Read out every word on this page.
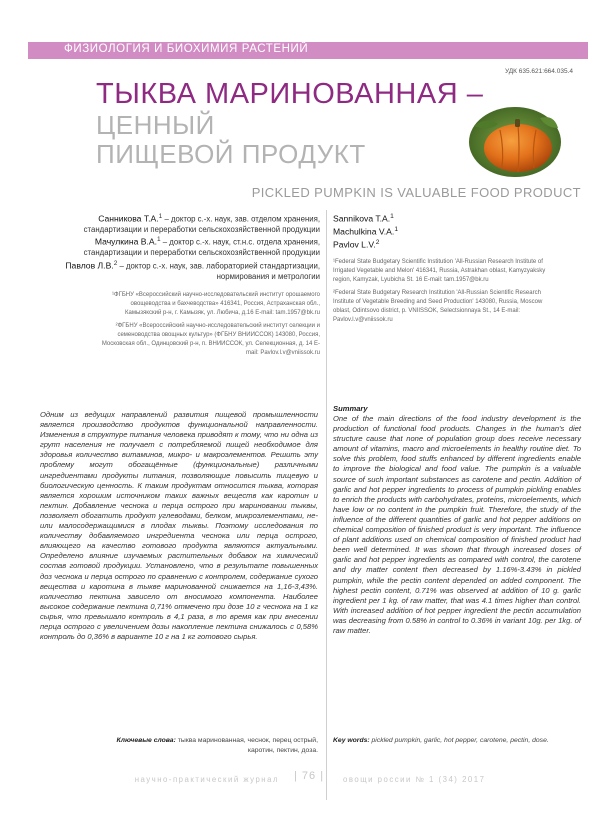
ФИЗИОЛОГИЯ И БИОХИМИЯ РАСТЕНИЙ
УДК 635.621:664.035.4
ТЫКВА МАРИНОВАННАЯ –
ЦЕННЫЙ
ПИЩЕВОЙ ПРОДУКТ
PICKLED PUMPKIN IS VALUABLE FOOD PRODUCT
Санникова Т.А.$^1$ – доктор с.-х. наук, зав. отделом хранения, стандартизации и переработки сельскохозяйственной продукции
Мачулкина В.А.$^1$ – доктор с.-х. наук, ст.н.с. отдела хранения, стандартизации и переработки сельскохозяйственной продукции
Павлов Л.В.$^2$ – доктор с.-х. наук, зав. лабораторией стандартизации, нормирования и метрологии
Sannikova T.A.$^1$
Machulkina V.A.$^1$
Pavlov L.V.$^2$

¹ФГБНУ «Всероссийский научно-исследовательский институт орошаемого овощеводства и бахчеводства» 416341, Россия, Астраханская обл., Камызякский р-н, г. Камызяк, ул. Любича, д.16 E-mail: tam.1957@bk.ru

²ФГБНУ «Всероссийский научно-исследовательский институт селекции и семеноводства овощных культур» (ФГБНУ ВНИИССОК) 143080, Россия, Московская обл., Одинцовский р-н, п. ВНИИССОК, ул. Селекционная, д. 14 E-mail: Pavlov.l.v@vniissok.ru

¹Federal State Budgetary Scientific Institution 'All-Russian Research Institute of Irrigated Vegetable and Melon' 416341, Russia, Astrakhan oblast, Kamyzyaksky region, Kamyzak, Lyubicha St. 16 E-mail: tam.1957@bk.ru

²Federal State Budgetary Research Institution 'All-Russian Scientific Research Institute of Vegetable Breeding and Seed Production' 143080, Russia, Moscow oblast, Odintsovo district, p. VNIISSOK, Selectsionnaya St., 14 E-mail: Pavlov.l.v@vniissok.ru

Одним из ведущих направлений развития пищевой промышленности является производство продуктов функциональной направленности. Изменения в структуре питания человека приводят к тому, что ни одна из групп населения не получает с потребляемой пищей необходимое для здоровья количество витаминов, микро- и макроэлементов. Решить эту проблему могут обогащённые (функциональные) различными ингредиентами продукты питания, позволяющие повысить пищевую и биологическую ценность. К таким продуктам относится тыква, которая является хорошим источником таких важных веществ как каротин и пектин. Добавление чеснока и перца острого при мариновании тыквы, позволяет обогатить продукт углеводами, белком, микроэлементами, не- или малосодержащимися в плодах тыквы. Поэтому исследования по количеству добавляемого ингредиента чеснока или перца острого, влияющего на качество готового продукта являются актуальными. Определено влияние изучаемых растительных добавок на химический состав готовой продукции. Установлено, что в результате повышенных доз чеснока и перца острого по сравнению с контролем, содержание сухого вещества и каротина в тыкве маринованной снижается на 1,16-3,43%. количество пектина зависело от вносимого компонента. Наиболее высокое содержание пектина 0,71% отмечено при дозе 10 г чеснока на 1 кг сырья, что превышало контроль в 4,1 раза, в то время как при внесении перца острого с увеличением дозы накопление пектина снижалось с 0,58% контроль до 0,36% в варианте 10 г на 1 кг готового сырья.

Ключевые слова: тыква маринованная, чеснок, перец острый, каротин, пектин, доза.
Summary

One of the main directions of the food industry development is the production of functional food products. Changes in the human's diet structure cause that none of population group does receive necessary amount of vitamins, macro and microelements in healthy routine diet. To solve this problem, food stuffs enhanced by different ingredients enable to improve the biological and food value. The pumpkin is a valuable source of such important substances as carotene and pectin. Addition of garlic and hot pepper ingredients to process of pumpkin pickling enables to enrich the products with carbohydrates, proteins, microelements, which have low or no content in the pumpkin fruit. Therefore, the study of the influence of the different quantities of garlic and hot pepper additions on chemical composition of finished product is very important. The influence of plant additions used on chemical composition of finished product had been well determined. It was shown that through increased doses of garlic and hot pepper ingredients as compared with control, the carotene and dry matter content then decreased by 1.16%-3.43% in pickled pumpkin, while the pectin content depended on added component. The highest pectin content, 0.71% was observed at addition of 10 g. garlic ingredient per 1 kg. of raw matter, that was 4.1 times higher than control. With increased addition of hot pepper ingredient the pectin accumulation was decreasing from 0.58% in control to 0.36% in variant 10g. per 1kg. of raw matter.

Key words: pickled pumpkin, garlic, hot pepper, carotene, pectin, dose.
научно-практический журнал | 76 | овощи россии № 1 (34) 2017
